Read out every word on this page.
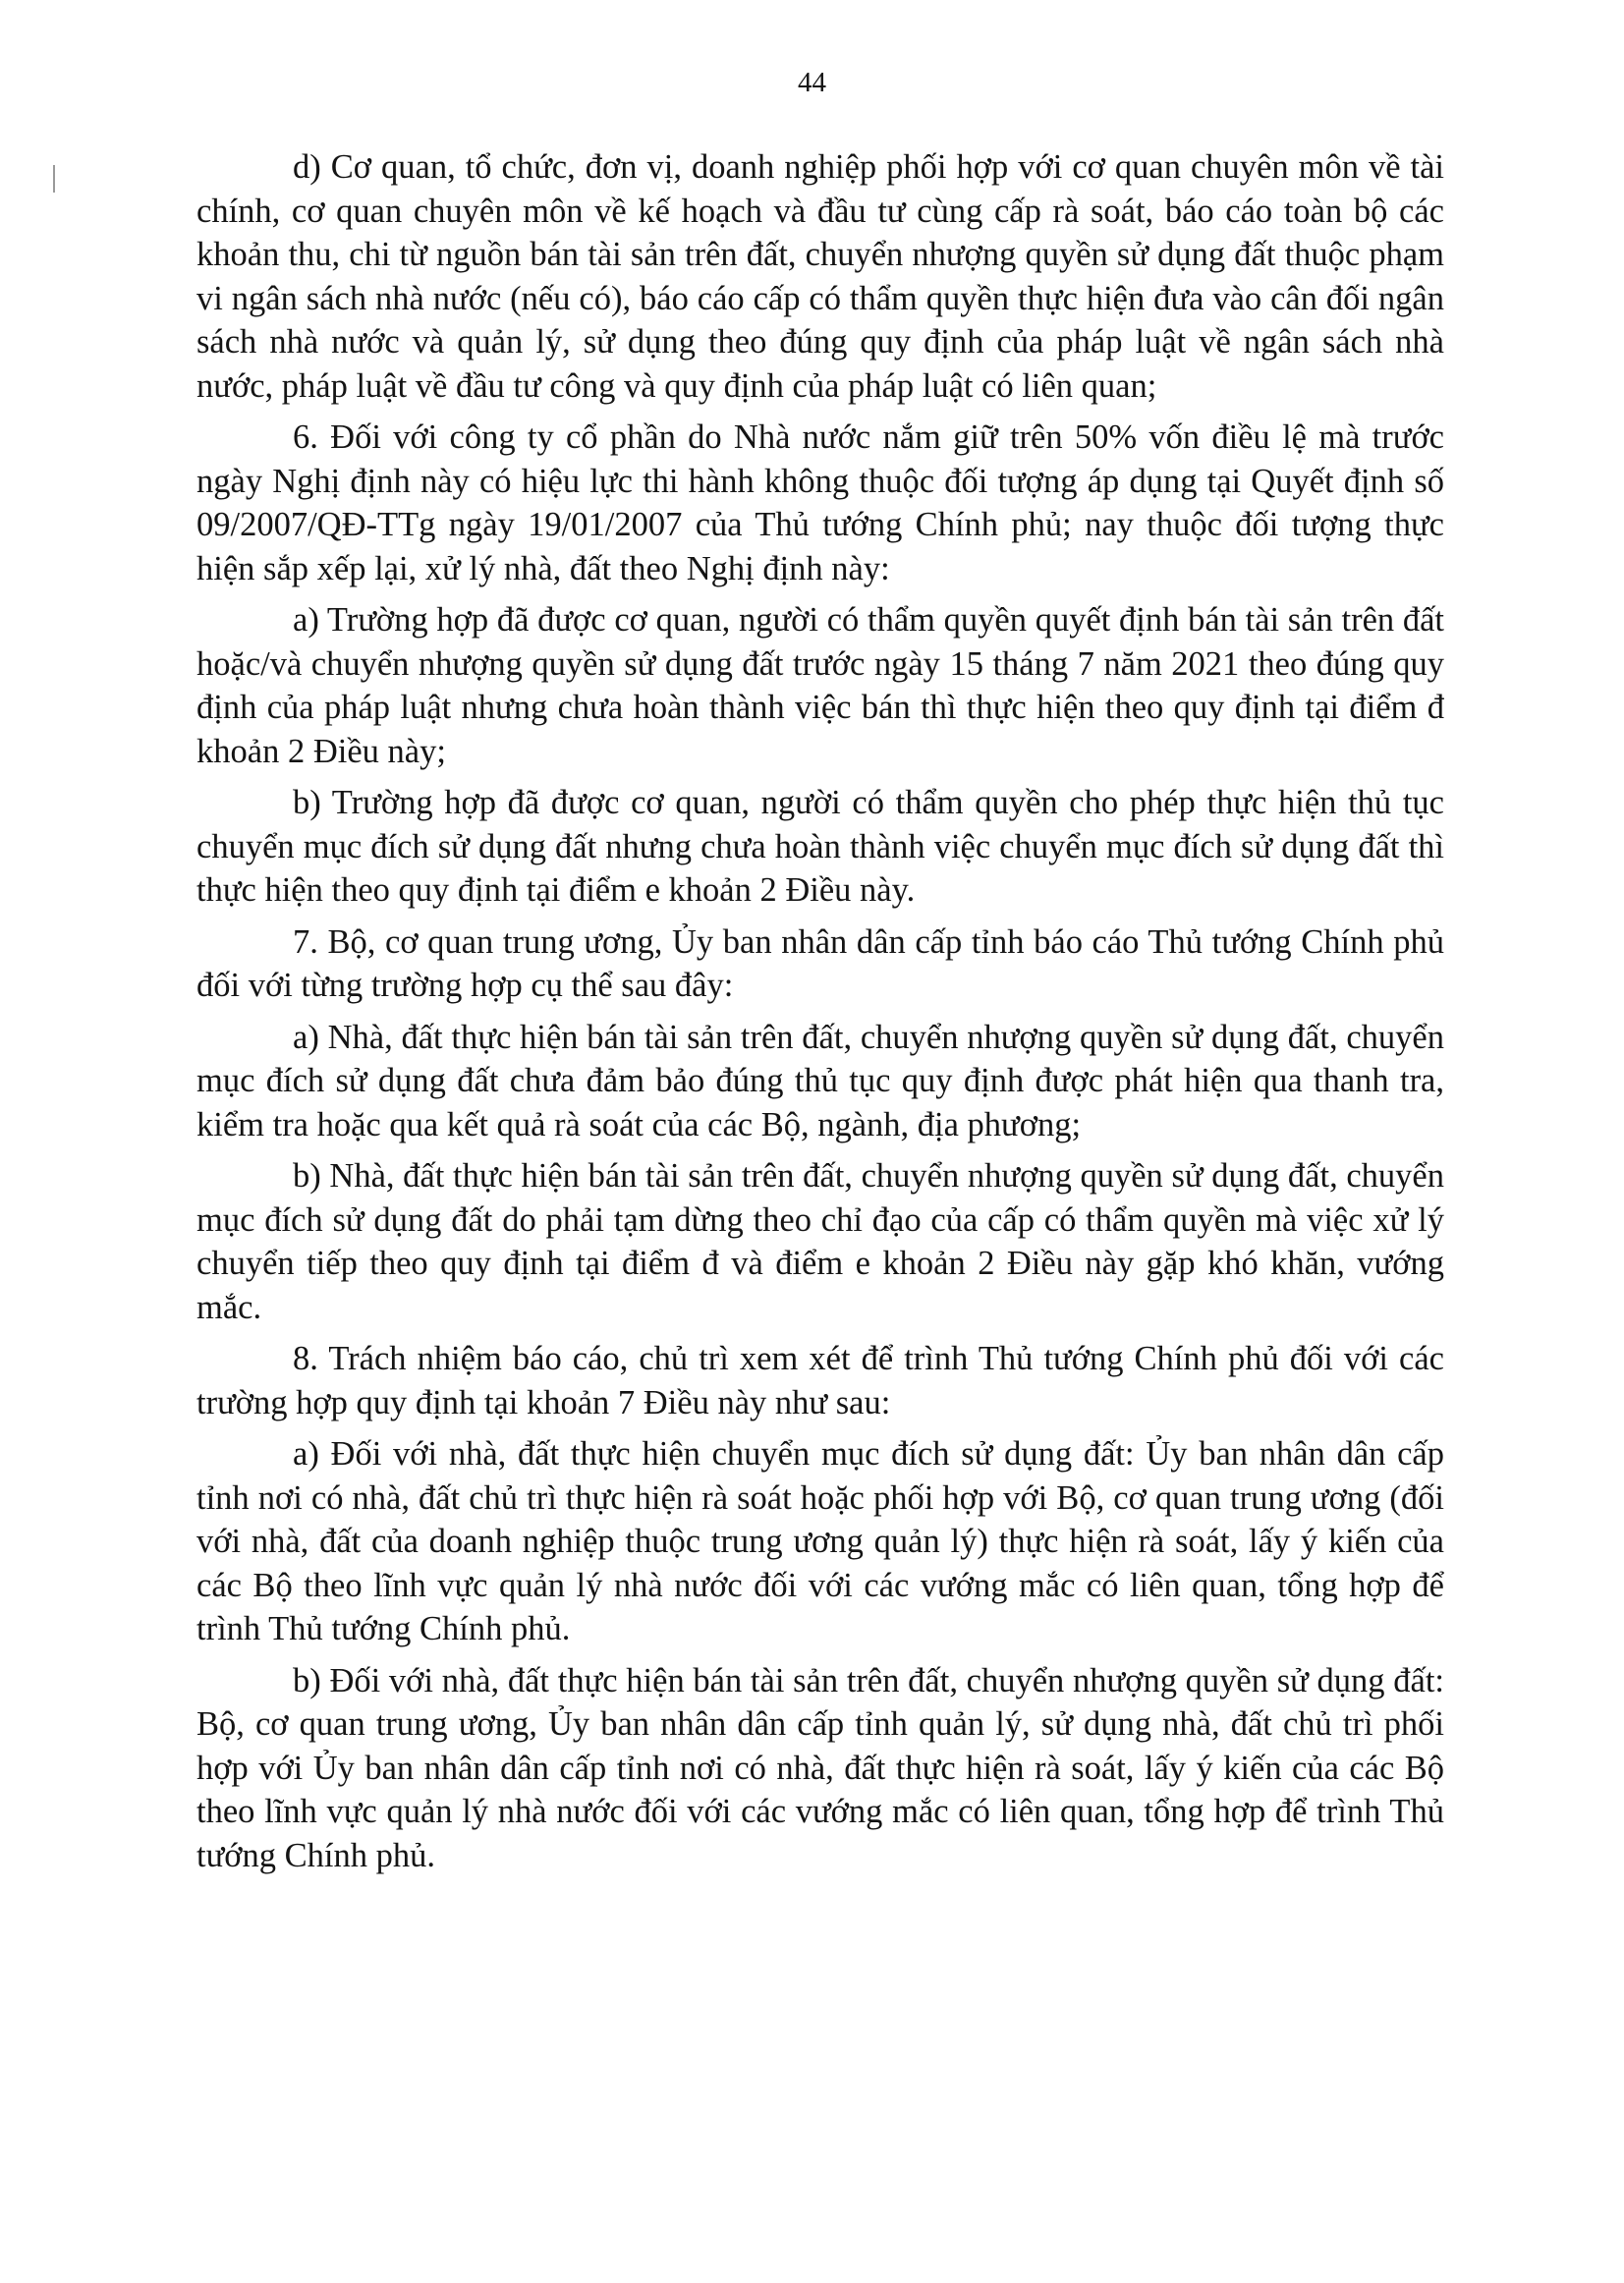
44

d) Cơ quan, tổ chức, đơn vị, doanh nghiệp phối hợp với cơ quan chuyên môn về tài chính, cơ quan chuyên môn về kế hoạch và đầu tư cùng cấp rà soát, báo cáo toàn bộ các khoản thu, chi từ nguồn bán tài sản trên đất, chuyển nhượng quyền sử dụng đất thuộc phạm vi ngân sách nhà nước (nếu có), báo cáo cấp có thẩm quyền thực hiện đưa vào cân đối ngân sách nhà nước và quản lý, sử dụng theo đúng quy định của pháp luật về ngân sách nhà nước, pháp luật về đầu tư công và quy định của pháp luật có liên quan;

6. Đối với công ty cổ phần do Nhà nước nắm giữ trên 50% vốn điều lệ mà trước ngày Nghị định này có hiệu lực thi hành không thuộc đối tượng áp dụng tại Quyết định số 09/2007/QĐ-TTg ngày 19/01/2007 của Thủ tướng Chính phủ; nay thuộc đối tượng thực hiện sắp xếp lại, xử lý nhà, đất theo Nghị định này:

a) Trường hợp đã được cơ quan, người có thẩm quyền quyết định bán tài sản trên đất hoặc/và chuyển nhượng quyền sử dụng đất trước ngày 15 tháng 7 năm 2021 theo đúng quy định của pháp luật nhưng chưa hoàn thành việc bán thì thực hiện theo quy định tại điểm đ khoản 2 Điều này;

b) Trường hợp đã được cơ quan, người có thẩm quyền cho phép thực hiện thủ tục chuyển mục đích sử dụng đất nhưng chưa hoàn thành việc chuyển mục đích sử dụng đất thì thực hiện theo quy định tại điểm e khoản 2 Điều này.

7. Bộ, cơ quan trung ương, Ủy ban nhân dân cấp tỉnh báo cáo Thủ tướng Chính phủ đối với từng trường hợp cụ thể sau đây:

a) Nhà, đất thực hiện bán tài sản trên đất, chuyển nhượng quyền sử dụng đất, chuyển mục đích sử dụng đất chưa đảm bảo đúng thủ tục quy định được phát hiện qua thanh tra, kiểm tra hoặc qua kết quả rà soát của các Bộ, ngành, địa phương;

b) Nhà, đất thực hiện bán tài sản trên đất, chuyển nhượng quyền sử dụng đất, chuyển mục đích sử dụng đất do phải tạm dừng theo chỉ đạo của cấp có thẩm quyền mà việc xử lý chuyển tiếp theo quy định tại điểm đ và điểm e khoản 2 Điều này gặp khó khăn, vướng mắc.

8. Trách nhiệm báo cáo, chủ trì xem xét để trình Thủ tướng Chính phủ đối với các trường hợp quy định tại khoản 7 Điều này như sau:

a) Đối với nhà, đất thực hiện chuyển mục đích sử dụng đất: Ủy ban nhân dân cấp tỉnh nơi có nhà, đất chủ trì thực hiện rà soát hoặc phối hợp với Bộ, cơ quan trung ương (đối với nhà, đất của doanh nghiệp thuộc trung ương quản lý) thực hiện rà soát, lấy ý kiến của các Bộ theo lĩnh vực quản lý nhà nước đối với các vướng mắc có liên quan, tổng hợp để trình Thủ tướng Chính phủ.

b) Đối với nhà, đất thực hiện bán tài sản trên đất, chuyển nhượng quyền sử dụng đất: Bộ, cơ quan trung ương, Ủy ban nhân dân cấp tỉnh quản lý, sử dụng nhà, đất chủ trì phối hợp với Ủy ban nhân dân cấp tỉnh nơi có nhà, đất thực hiện rà soát, lấy ý kiến của các Bộ theo lĩnh vực quản lý nhà nước đối với các vướng mắc có liên quan, tổng hợp để trình Thủ tướng Chính phủ.
